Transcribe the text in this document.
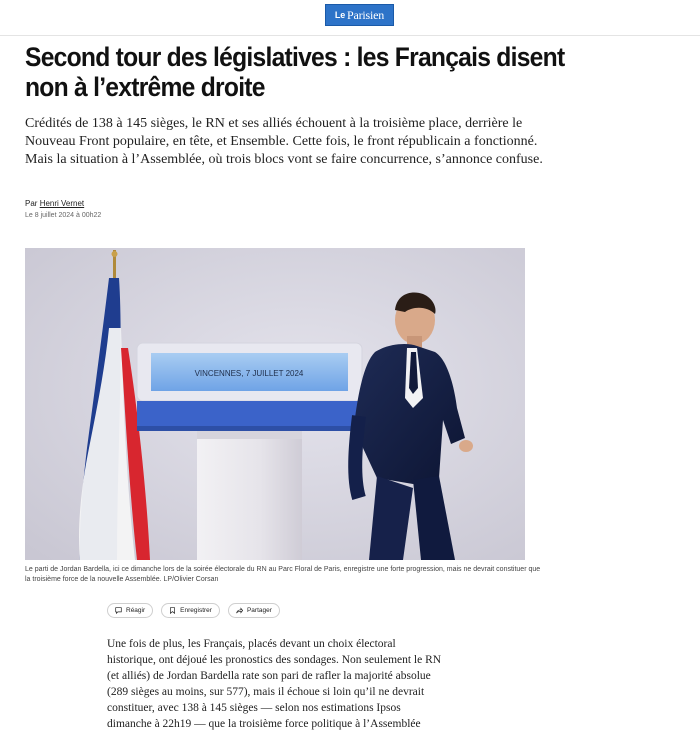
Le Parisien
Second tour des législatives : les Français disent non à l’extrême droite

Crédités de 138 à 145 sièges, le RN et ses alliés échouent à la troisième place, derrière le Nouveau Front populaire, en tête, et Ensemble. Cette fois, le front républicain a fonctionné. Mais la situation à l’Assemblée, où trois blocs vont se faire concurrence, s’annonce confuse.

Par Henri Vernet
Le 8 juillet 2024 à 00h22
VINCENNES, 7 JUILLET 2024

Le parti de Jordan Bardella, ici ce dimanche lors de la soirée électorale du RN au Parc Floral de Paris, enregistre une forte progression, mais ne devrait constituer que la troisième force de la nouvelle Assemblée. LP/Olivier Corsan

Réagir	Enregistrer	Partager

Une fois de plus, les Français, placés devant un choix électoral historique, ont déjoué les pronostics des sondages. Non seulement le RN (et alliés) de Jordan Bardella rate son pari de rafler la majorité absolue (289 sièges au moins, sur 577), mais il échoue si loin qu’il ne devrait constituer, avec 138 à 145 sièges — selon nos estimations Ipsos dimanche à 22h19 — que la troisième force politique à l’Assemblée
